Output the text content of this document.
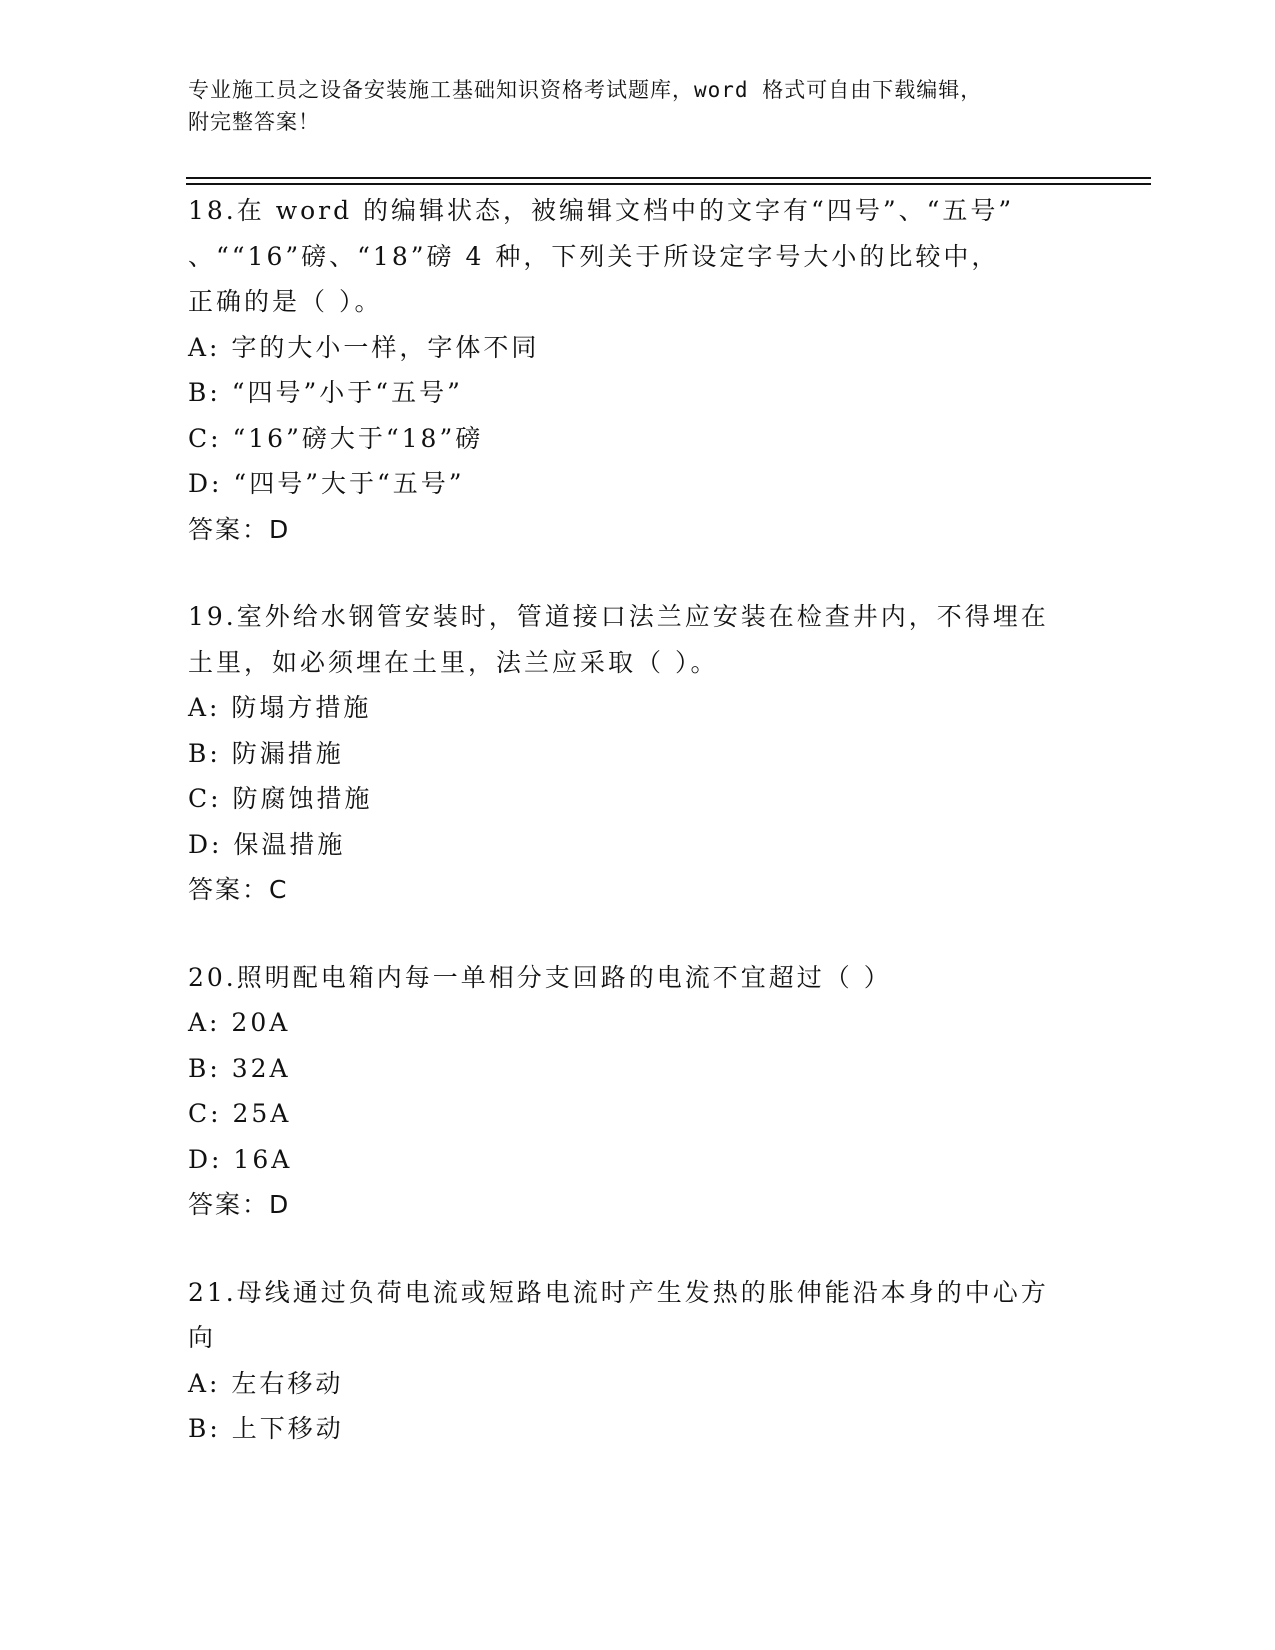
专业施工员之设备安装施工基础知识资格考试题库，word 格式可自由下载编辑，
附完整答案！
18.在 word 的编辑状态，被编辑文档中的文字有“四号”、“五号”
、““16”磅、“18”磅 4 种，下列关于所设定字号大小的比较中，
正确的是（ ）。
A: 字的大小一样，字体不同
B: “四号”小于“五号”
C: “16”磅大于“18”磅
D: “四号”大于“五号”
答案：D
19.室外给水钢管安装时，管道接口法兰应安装在检查井内，不得埋在
土里，如必须埋在土里，法兰应采取（ ）。
A: 防塌方措施
B: 防漏措施
C: 防腐蚀措施
D: 保温措施
答案：C
20.照明配电箱内每一单相分支回路的电流不宜超过（ ）
A: 20A
B: 32A
C: 25A
D: 16A
答案：D
21.母线通过负荷电流或短路电流时产生发热的胀伸能沿本身的中心方
向
A: 左右移动
B: 上下移动
